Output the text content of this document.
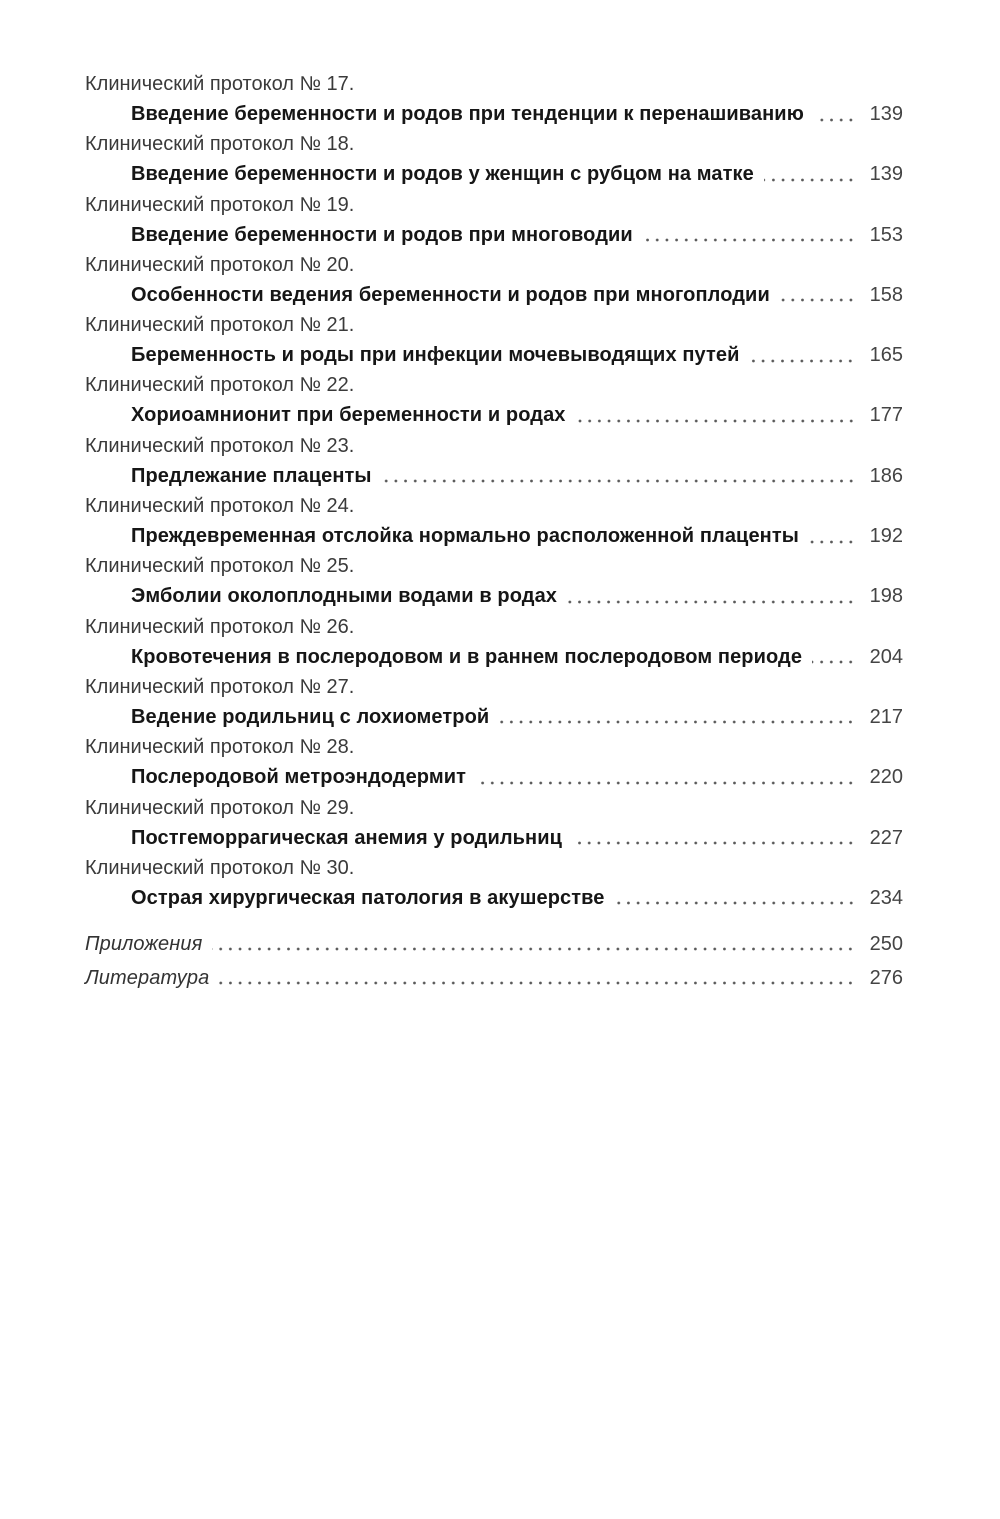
Клинический протокол № 17.
Введение беременности и родов при тенденции к перенашиванию	139
Клинический протокол № 18.
Введение беременности и родов у женщин с рубцом на матке	139
Клинический протокол № 19.
Введение беременности и родов при многоводии	153
Клинический протокол № 20.
Особенности ведения беременности и родов при многоплодии	158
Клинический протокол № 21.
Беременность и роды при инфекции мочевыводящих путей	165
Клинический протокол № 22.
Хориоамнионит при беременности и родах	177
Клинический протокол № 23.
Предлежание плаценты	186
Клинический протокол № 24.
Преждевременная отслойка нормально расположенной плаценты	192
Клинический протокол № 25.
Эмболии околоплодными водами в родах	198
Клинический протокол № 26.
Кровотечения в послеродовом и в раннем послеродовом периоде	204
Клинический протокол № 27.
Ведение родильниц с лохиометрой	217
Клинический протокол № 28.
Послеродовой метроэндодермит	220
Клинический протокол № 29.
Постгеморрагическая анемия у родильниц	227
Клинический протокол № 30.
Острая хирургическая патология в акушерстве	234
Приложения	250
Литература	276
